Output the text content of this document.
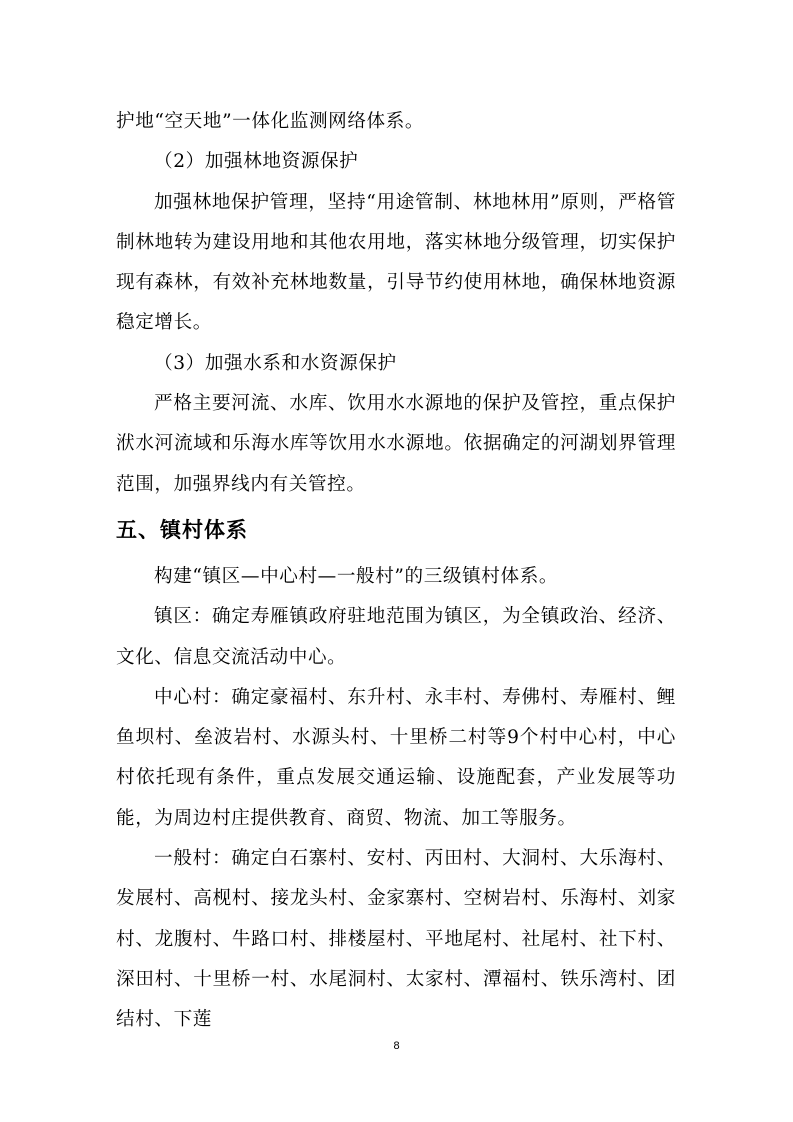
护地“空天地”一体化监测网络体系。

（2）加强林地资源保护

加强林地保护管理，坚持“用途管制、林地林用”原则，严格管制林地转为建设用地和其他农用地，落实林地分级管理，切实保护现有森林，有效补充林地数量，引导节约使用林地，确保林地资源稳定增长。

（3）加强水系和水资源保护

严格主要河流、水库、饮用水水源地的保护及管控，重点保护洑水河流域和乐海水库等饮用水水源地。依据确定的河湖划界管理范围，加强界线内有关管控。

五、镇村体系

构建“镇区—中心村—一般村”的三级镇村体系。

镇区：确定寿雁镇政府驻地范围为镇区，为全镇政治、经济、文化、信息交流活动中心。

中心村：确定豪福村、东升村、永丰村、寿佛村、寿雁村、鲤鱼坝村、垒波岩村、水源头村、十里桥二村等9个村中心村，中心村依托现有条件，重点发展交通运输、设施配套，产业发展等功能，为周边村庄提供教育、商贸、物流、加工等服务。

一般村：确定白石寨村、安村、丙田村、大洞村、大乐海村、发展村、高枧村、接龙头村、金家寨村、空树岩村、乐海村、刘家村、龙腹村、牛路口村、排楼屋村、平地尾村、社尾村、社下村、深田村、十里桥一村、水尾洞村、太家村、潭福村、铁乐湾村、团结村、下莲

8
